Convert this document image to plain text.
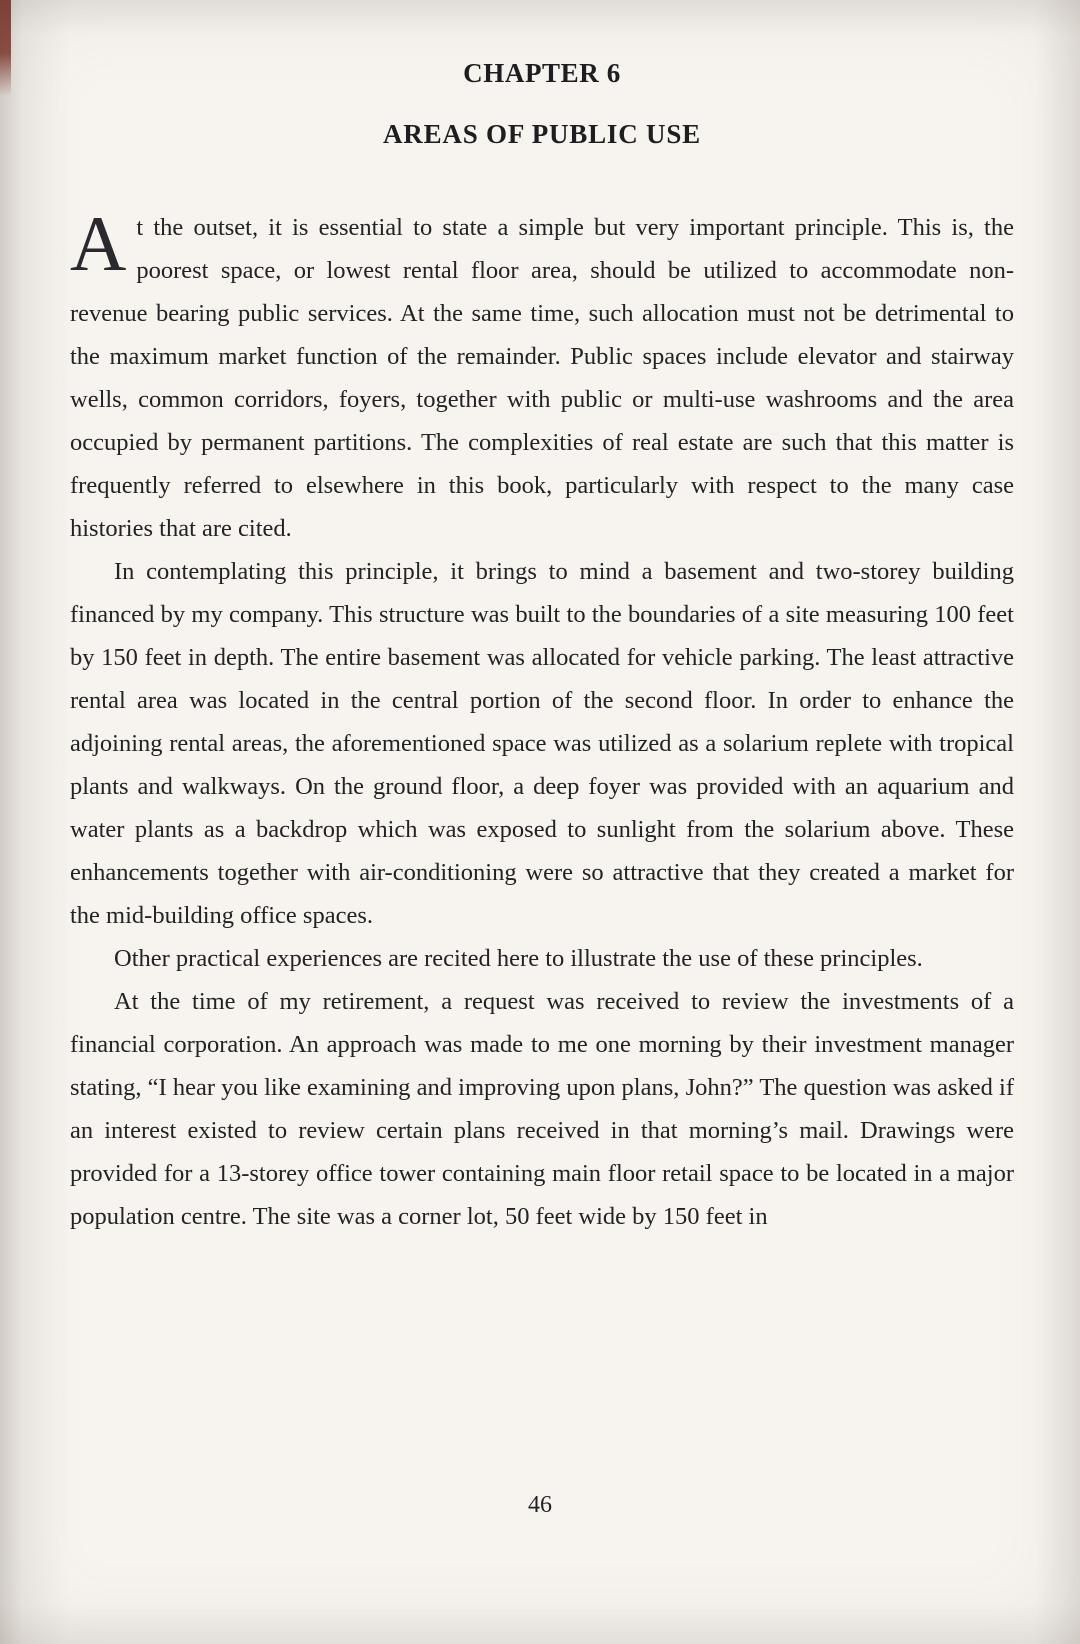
CHAPTER 6
AREAS OF PUBLIC USE

At the outset, it is essential to state a simple but very important principle. This is, the poorest space, or lowest rental floor area, should be utilized to accommodate non-revenue bearing public services. At the same time, such allocation must not be detrimental to the maximum market function of the remainder. Public spaces include elevator and stairway wells, common corridors, foyers, together with public or multi-use washrooms and the area occupied by permanent partitions. The complexities of real estate are such that this matter is frequently referred to elsewhere in this book, particularly with respect to the many case histories that are cited.

In contemplating this principle, it brings to mind a basement and two-storey building financed by my company. This structure was built to the boundaries of a site measuring 100 feet by 150 feet in depth. The entire basement was allocated for vehicle parking. The least attractive rental area was located in the central portion of the second floor. In order to enhance the adjoining rental areas, the aforementioned space was utilized as a solarium replete with tropical plants and walkways. On the ground floor, a deep foyer was provided with an aquarium and water plants as a backdrop which was exposed to sunlight from the solarium above. These enhancements together with air-conditioning were so attractive that they created a market for the mid-building office spaces.

Other practical experiences are recited here to illustrate the use of these principles.

At the time of my retirement, a request was received to review the investments of a financial corporation. An approach was made to me one morning by their investment manager stating, “I hear you like examining and improving upon plans, John?” The question was asked if an interest existed to review certain plans received in that morning’s mail. Drawings were provided for a 13-storey office tower containing main floor retail space to be located in a major population centre. The site was a corner lot, 50 feet wide by 150 feet in

46
